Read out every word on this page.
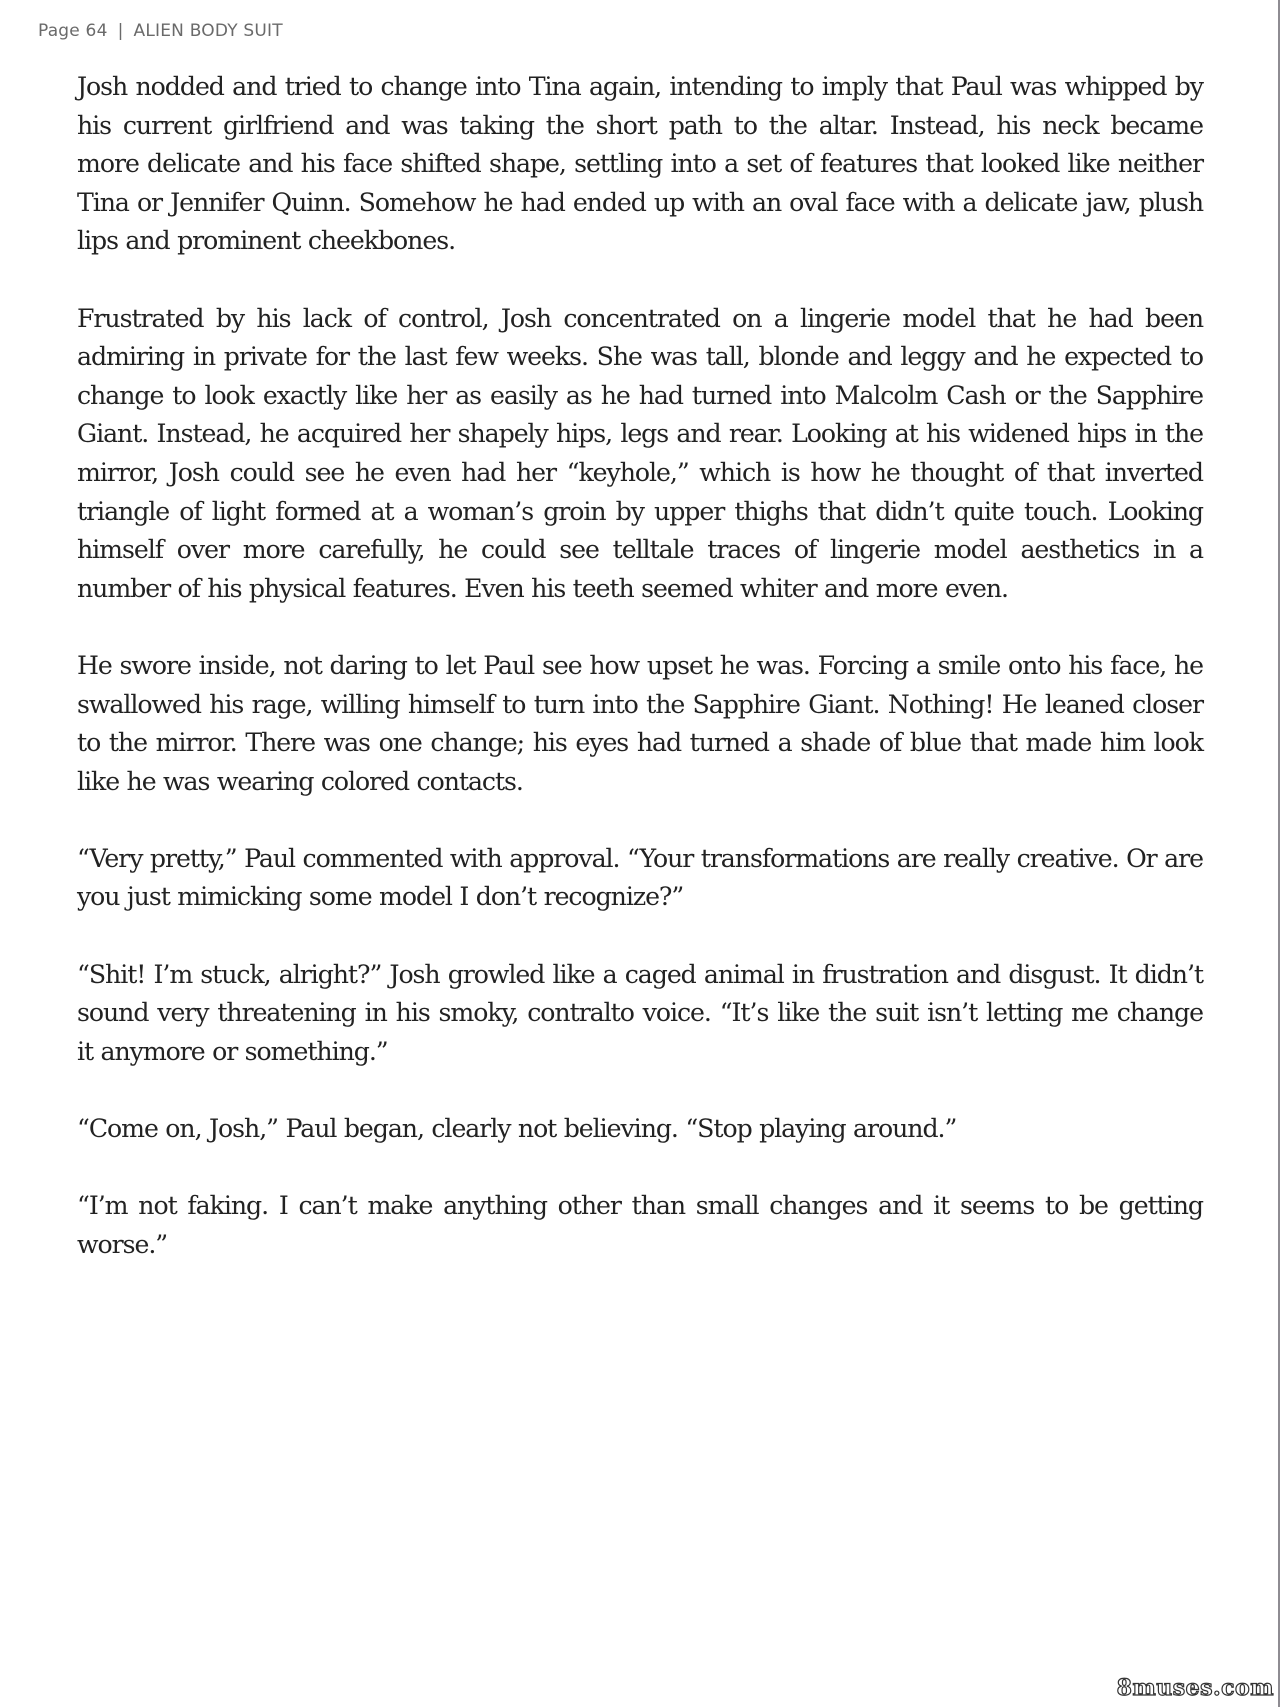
Page 64 | ALIEN BODY SUIT

Josh nodded and tried to change into Tina again, intending to imply that Paul was whipped by his current girlfriend and was taking the short path to the altar. Instead, his neck became more delicate and his face shifted shape, settling into a set of features that looked like neither Tina or Jennifer Quinn. Somehow he had ended up with an oval face with a delicate jaw, plush lips and prominent cheekbones.

Frustrated by his lack of control, Josh concentrated on a lingerie model that he had been admiring in private for the last few weeks. She was tall, blonde and leggy and he expected to change to look exactly like her as easily as he had turned into Malcolm Cash or the Sapphire Giant. Instead, he acquired her shapely hips, legs and rear. Looking at his widened hips in the mirror, Josh could see he even had her “keyhole,” which is how he thought of that inverted triangle of light formed at a woman’s groin by upper thighs that didn’t quite touch. Looking himself over more carefully, he could see telltale traces of lingerie model aesthetics in a number of his physical features. Even his teeth seemed whiter and more even.

He swore inside, not daring to let Paul see how upset he was. Forcing a smile onto his face, he swallowed his rage, willing himself to turn into the Sapphire Giant. Nothing! He leaned closer to the mirror. There was one change; his eyes had turned a shade of blue that made him look like he was wearing colored contacts.

“Very pretty,” Paul commented with approval. “Your transformations are really creative. Or are you just mimicking some model I don’t recognize?”

“Shit! I’m stuck, alright?” Josh growled like a caged animal in frustration and disgust. It didn’t sound very threatening in his smoky, contralto voice. “It’s like the suit isn’t letting me change it anymore or something.”

“Come on, Josh,” Paul began, clearly not believing. “Stop playing around.”

“I’m not faking. I can’t make anything other than small changes and it seems to be getting worse.”

8muses.com
